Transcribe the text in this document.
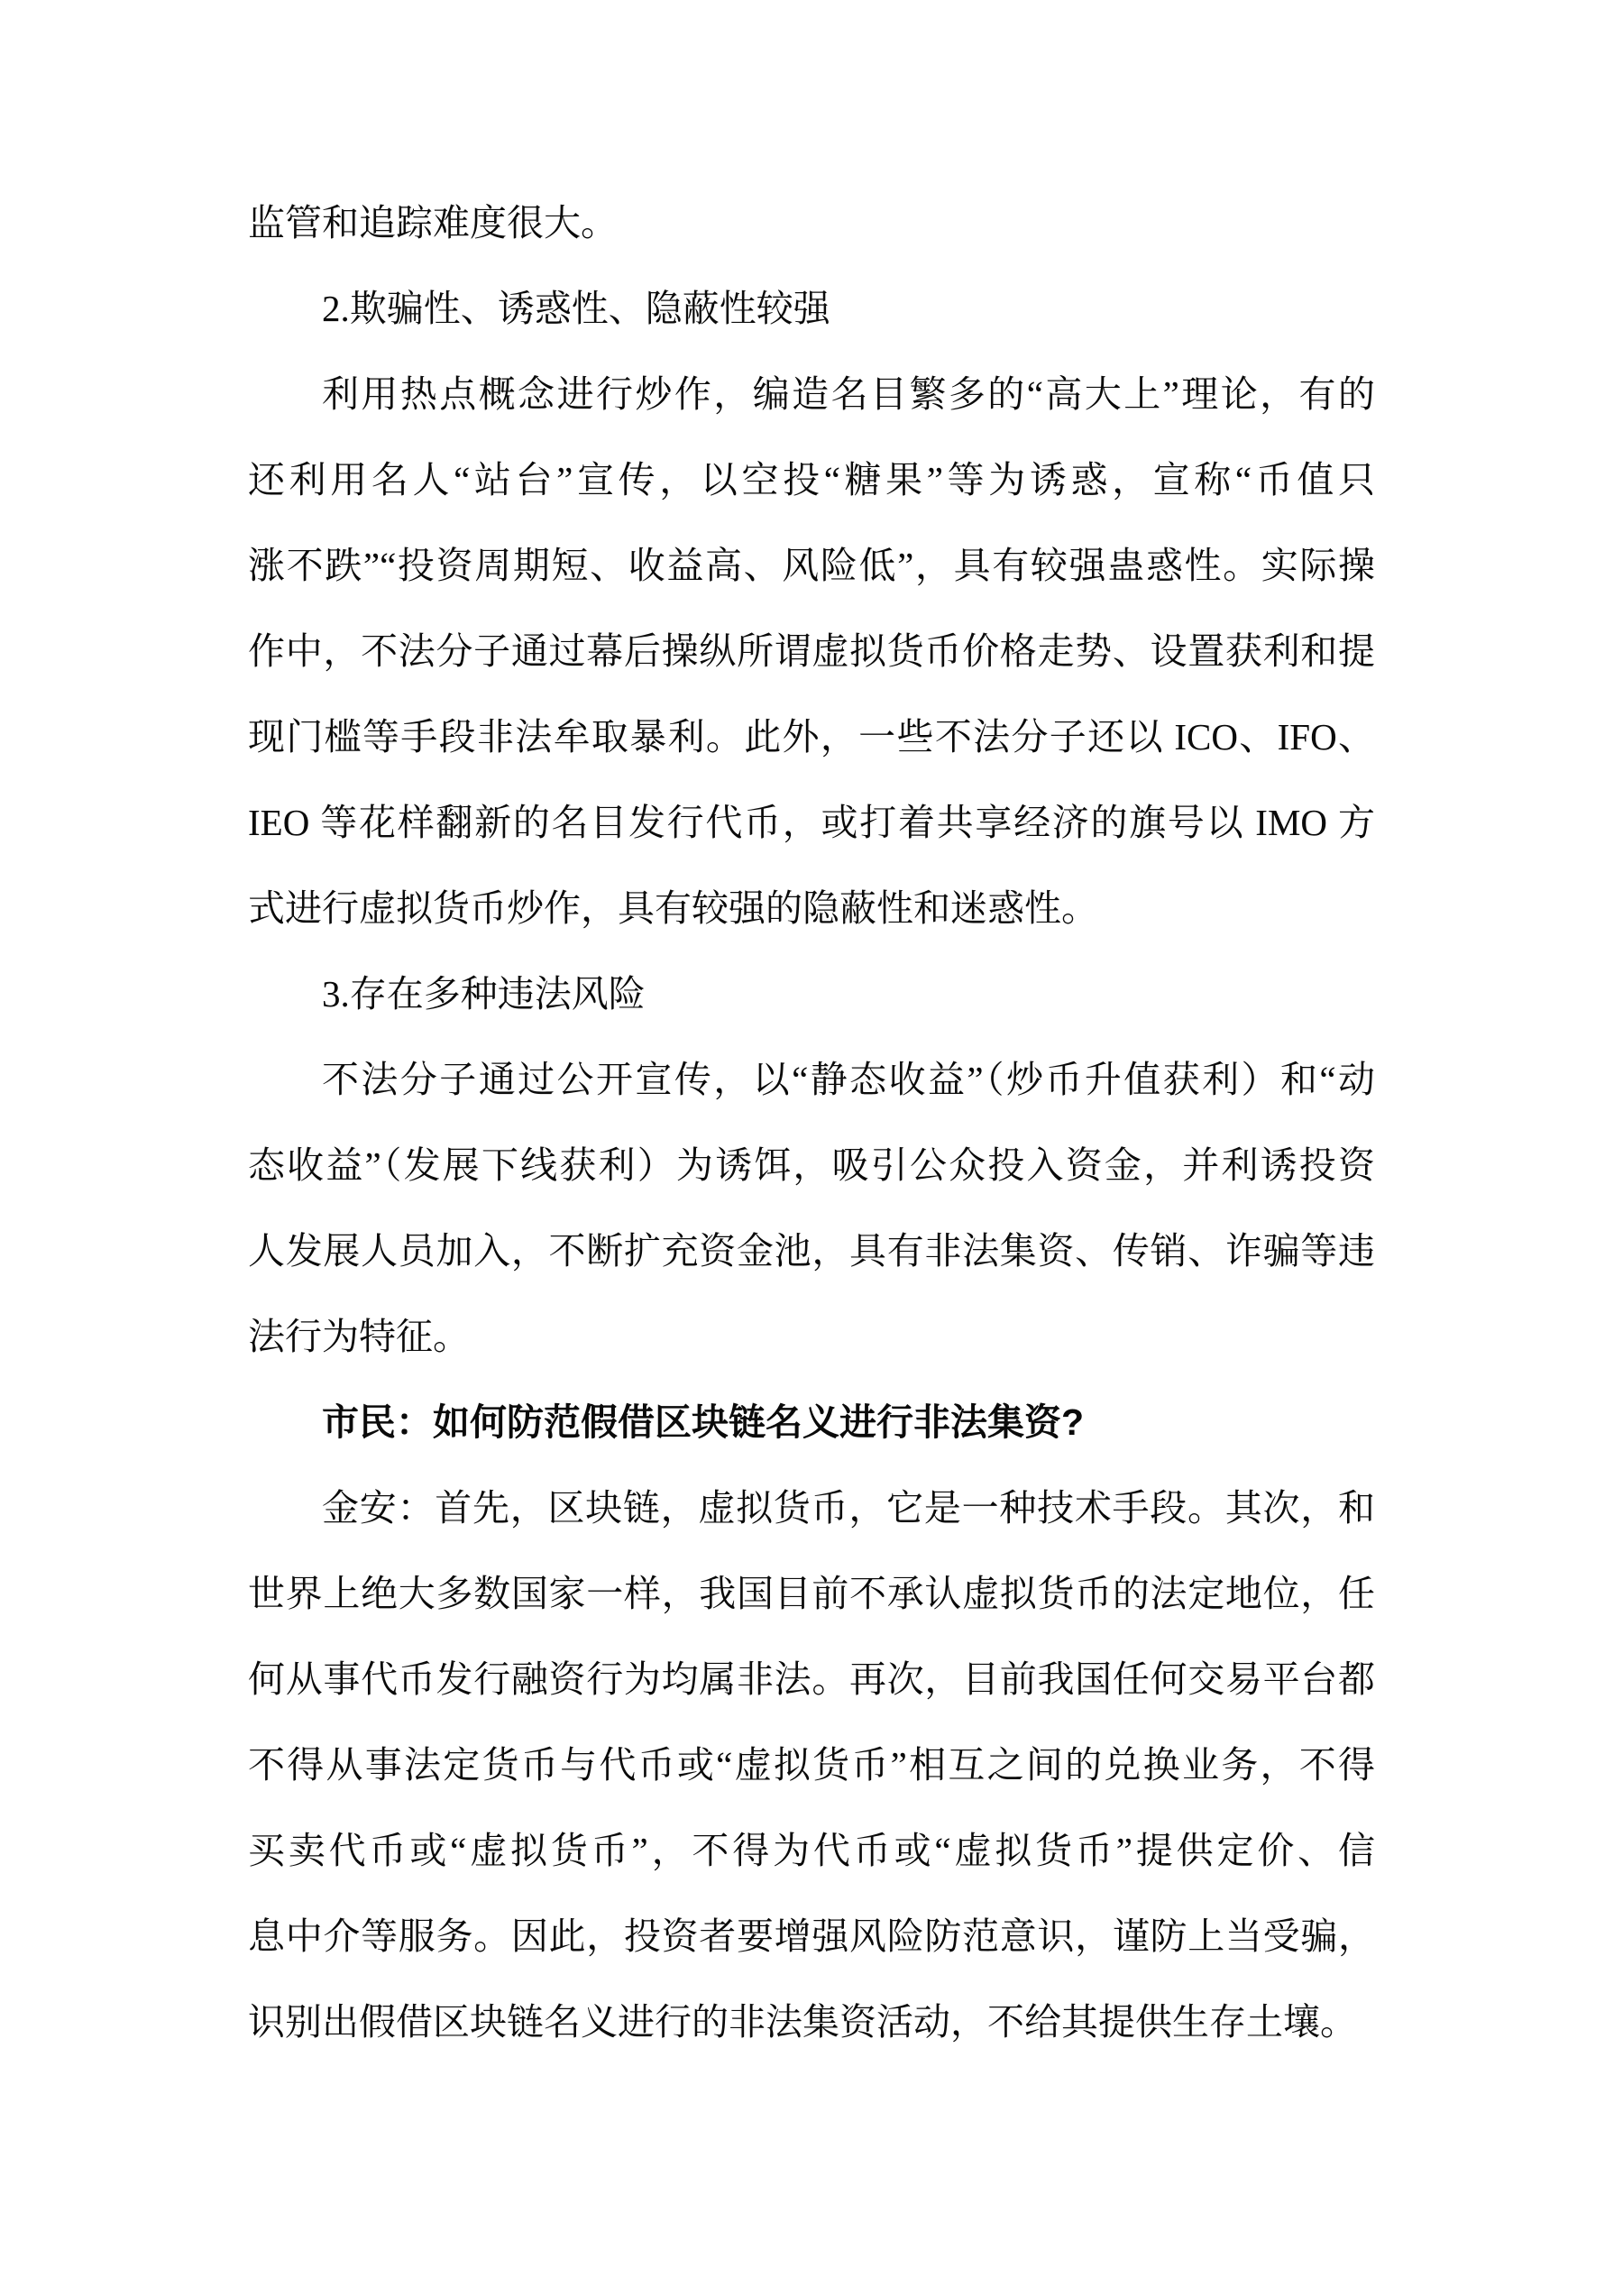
监管和追踪难度很大。
2.欺骗性、诱惑性、隐蔽性较强
利用热点概念进行炒作，编造名目繁多的“高大上”理论，有的
还利用名人“站台”宣传，以空投“糖果”等为诱惑，宣称“币值只
涨不跌”“投资周期短、收益高、风险低”，具有较强蛊惑性。实际操
作中，不法分子通过幕后操纵所谓虚拟货币价格走势、设置获利和提
现门槛等手段非法牟取暴利。此外，一些不法分子还以 ICO、IFO、
IEO 等花样翻新的名目发行代币，或打着共享经济的旗号以 IMO 方
式进行虚拟货币炒作，具有较强的隐蔽性和迷惑性。
3.存在多种违法风险
不法分子通过公开宣传，以“静态收益”（炒币升值获利）和“动
态收益”（发展下线获利）为诱饵，吸引公众投入资金，并利诱投资
人发展人员加入，不断扩充资金池，具有非法集资、传销、诈骗等违
法行为特征。
市民：如何防范假借区块链名义进行非法集资?
金安：首先，区块链，虚拟货币，它是一种技术手段。其次，和
世界上绝大多数国家一样，我国目前不承认虚拟货币的法定地位，任
何从事代币发行融资行为均属非法。再次，目前我国任何交易平台都
不得从事法定货币与代币或“虚拟货币”相互之间的兑换业务，不得
买卖代币或“虚拟货币”，不得为代币或“虚拟货币”提供定价、信
息中介等服务。因此，投资者要增强风险防范意识，谨防上当受骗，
识别出假借区块链名义进行的非法集资活动，不给其提供生存土壤。
